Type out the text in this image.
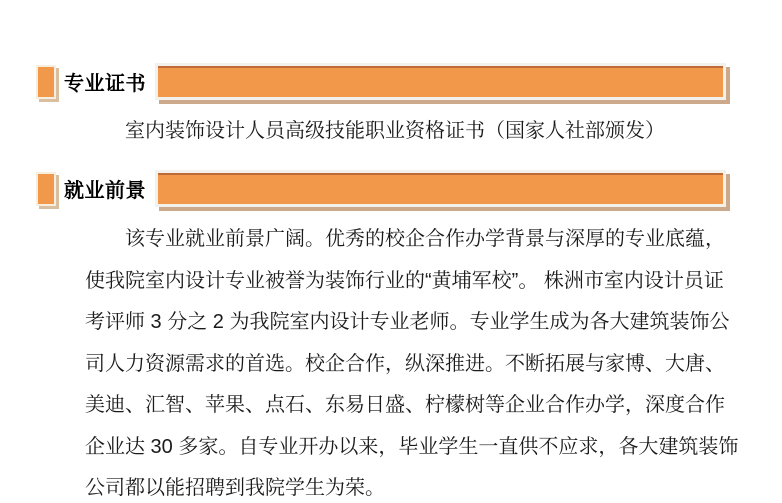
专业证书

室内装饰设计人员高级技能职业资格证书（国家人社部颁发）

就业前景
该专业就业前景广阔。优秀的校企合作办学背景与深厚的专业底蕴，
使我院室内设计专业被誉为装饰行业的“黄埔军校”。 株洲市室内设计员证
考评师 3 分之 2 为我院室内设计专业老师。专业学生成为各大建筑装饰公
司人力资源需求的首选。校企合作，纵深推进。不断拓展与家博、大唐、
美迪、汇智、苹果、点石、东易日盛、柠檬树等企业合作办学，深度合作
企业达 30 多家。自专业开办以来，毕业学生一直供不应求，各大建筑装饰
公司都以能招聘到我院学生为荣。
